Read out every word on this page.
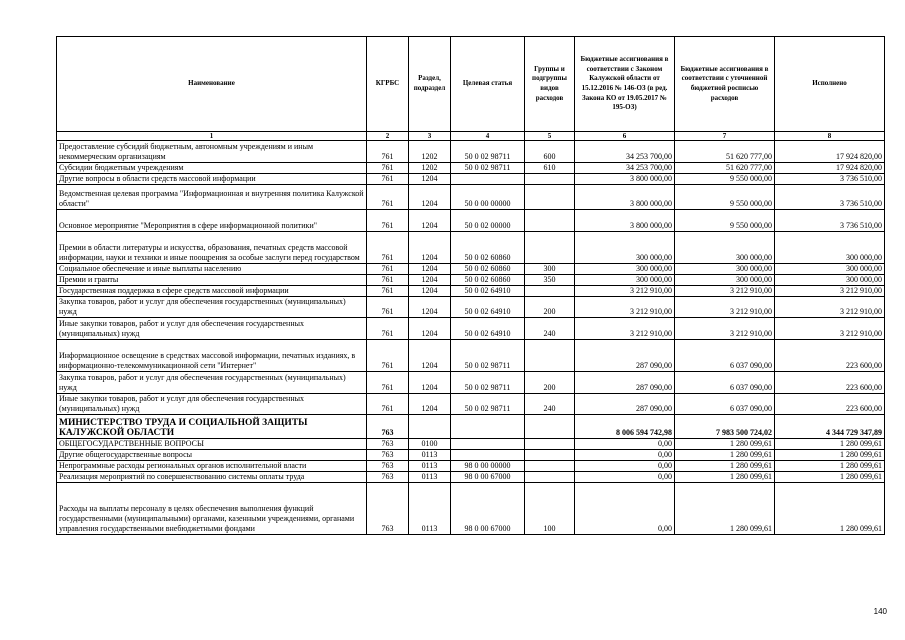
Наименование	КГРБС	Раздел, подраздел	Целевая статья	Группы и подгруппы видов расходов	Бюджетные ассигнования в соответствии с Законом Калужской области от 15.12.2016 № 146-ОЗ (в ред. Закона КО от 19.05.2017 № 195-ОЗ)	Бюджетные ассигнования в соответствии с уточненной бюджетной росписью расходов	Исполнено
1	2	3	4	5	6	7	8
Предоставление субсидий бюджетным, автономным учреждениям и иным некоммерческим организациям	761	1202	50 0 02 98711	600	34 253 700,00	51 620 777,00	17 924 820,00
Субсидии бюджетным учреждениям	761	1202	50 0 02 98711	610	34 253 700,00	51 620 777,00	17 924 820,00
Другие вопросы в области средств массовой информации	761	1204			3 800 000,00	9 550 000,00	3 736 510,00
Ведомственная целевая программа "Информационная и внутренняя политика Калужской области"	761	1204	50 0 00 00000		3 800 000,00	9 550 000,00	3 736 510,00
Основное мероприятие "Мероприятия в сфере информационной политики"	761	1204	50 0 02 00000		3 800 000,00	9 550 000,00	3 736 510,00
Премии в области литературы и искусства, образования, печатных средств массовой информации, науки и техники и иные поощрения за особые заслуги перед государством	761	1204	50 0 02 60860		300 000,00	300 000,00	300 000,00
Социальное обеспечение и иные выплаты населению	761	1204	50 0 02 60860	300	300 000,00	300 000,00	300 000,00
Премии и гранты	761	1204	50 0 02 60860	350	300 000,00	300 000,00	300 000,00
Государственная поддержка в сфере средств массовой информации	761	1204	50 0 02 64910		3 212 910,00	3 212 910,00	3 212 910,00
Закупка товаров, работ и услуг для обеспечения государственных (муниципальных) нужд	761	1204	50 0 02 64910	200	3 212 910,00	3 212 910,00	3 212 910,00
Иные закупки товаров, работ и услуг для обеспечения государственных (муниципальных) нужд	761	1204	50 0 02 64910	240	3 212 910,00	3 212 910,00	3 212 910,00
Информационное освещение в средствах массовой информации, печатных изданиях, в информационно-телекоммуникационной сети "Интернет"	761	1204	50 0 02 98711		287 090,00	6 037 090,00	223 600,00
Закупка товаров, работ и услуг для обеспечения государственных (муниципальных) нужд	761	1204	50 0 02 98711	200	287 090,00	6 037 090,00	223 600,00
Иные закупки товаров, работ и услуг для обеспечения государственных (муниципальных) нужд	761	1204	50 0 02 98711	240	287 090,00	6 037 090,00	223 600,00
МИНИСТЕРСТВО ТРУДА И СОЦИАЛЬНОЙ ЗАЩИТЫ КАЛУЖСКОЙ ОБЛАСТИ	763				8 006 594 742,98	7 983 500 724,02	4 344 729 347,89
ОБЩЕГОСУДАРСТВЕННЫЕ ВОПРОСЫ	763	0100			0,00	1 280 099,61	1 280 099,61
Другие общегосударственные вопросы	763	0113			0,00	1 280 099,61	1 280 099,61
Непрограммные расходы региональных органов исполнительной власти	763	0113	98 0 00 00000		0,00	1 280 099,61	1 280 099,61
Реализация мероприятий по совершенствованию системы оплаты труда	763	0113	98 0 00 67000		0,00	1 280 099,61	1 280 099,61
Расходы на выплаты персоналу в целях обеспечения выполнения функций государственными (муниципальными) органами, казенными учреждениями, органами управления государственными внебюджетными фондами	763	0113	98 0 00 67000	100	0,00	1 280 099,61	1 280 099,61
140
